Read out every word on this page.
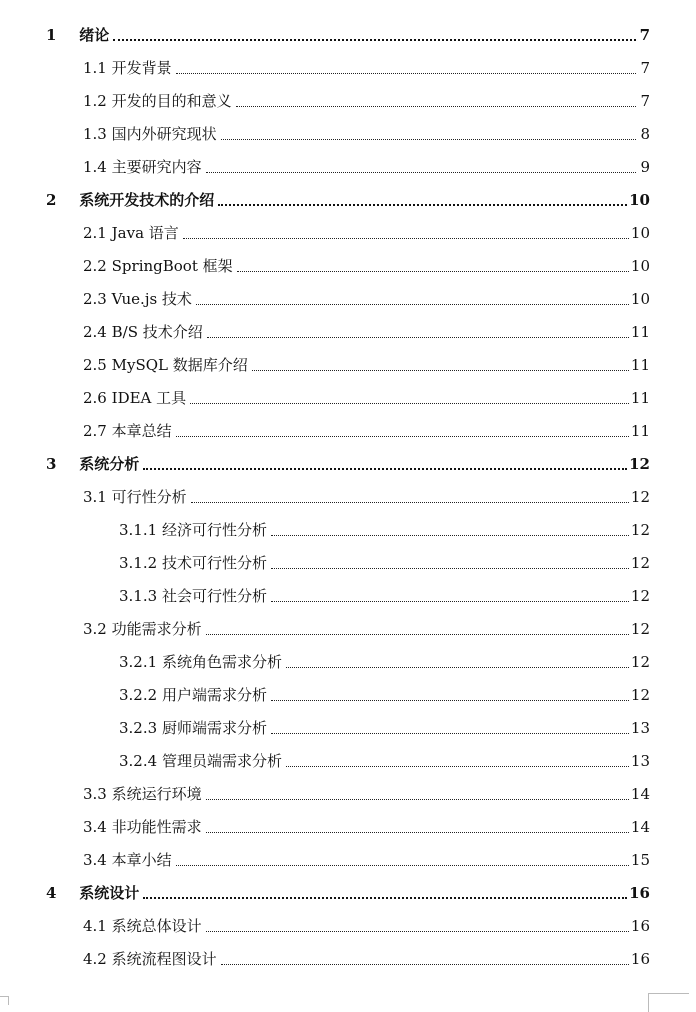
1 绪论	7
1.1 开发背景	7
1.2 开发的目的和意义	7
1.3 国内外研究现状	8
1.4 主要研究内容	9
2 系统开发技术的介绍	10
2.1 Java 语言	10
2.2 SpringBoot 框架	10
2.3 Vue.js 技术	10
2.4 B/S 技术介绍	11
2.5 MySQL 数据库介绍	11
2.6 IDEA 工具	11
2.7 本章总结	11
3 系统分析	12
3.1 可行性分析	12
3.1.1 经济可行性分析	12
3.1.2 技术可行性分析	12
3.1.3 社会可行性分析	12
3.2 功能需求分析	12
3.2.1 系统角色需求分析	12
3.2.2 用户端需求分析	12
3.2.3 厨师端需求分析	13
3.2.4 管理员端需求分析	13
3.3 系统运行环境	14
3.4 非功能性需求	14
3.4 本章小结	15
4 系统设计	16
4.1 系统总体设计	16
4.2 系统流程图设计	16
